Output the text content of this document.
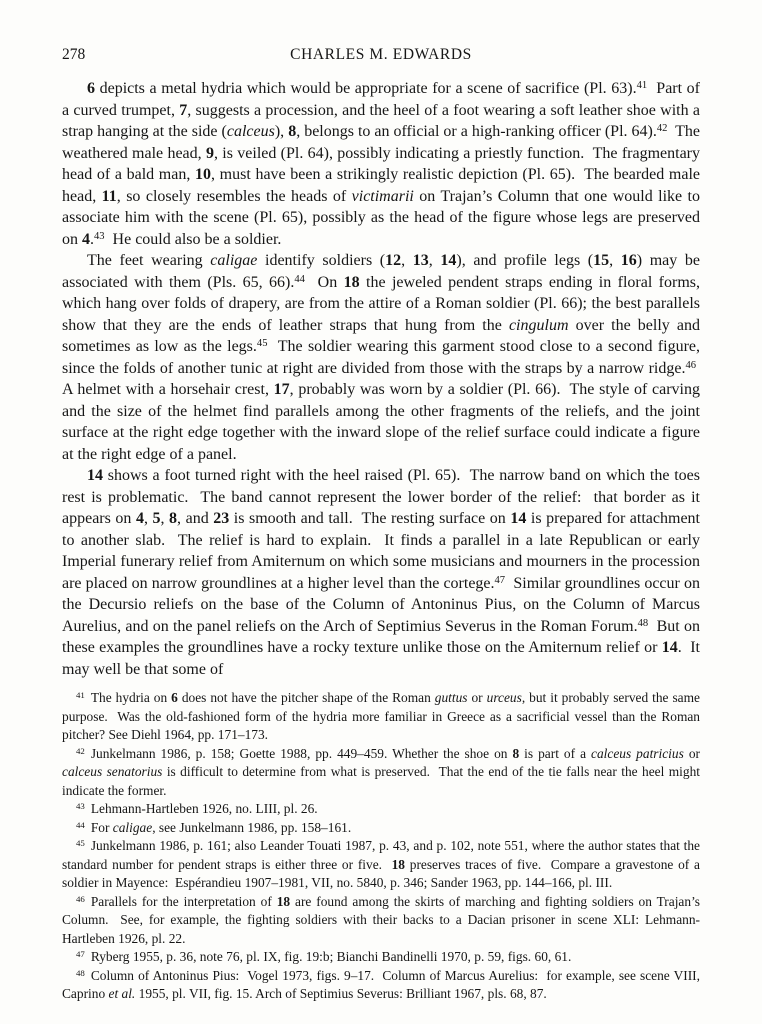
278	CHARLES M. EDWARDS

6 depicts a metal hydria which would be appropriate for a scene of sacrifice (Pl. 63).$^{41}$  Part of a curved trumpet, 7, suggests a procession, and the heel of a foot wearing a soft leather shoe with a strap hanging at the side (calceus), 8, belongs to an official or a high-ranking officer (Pl. 64).$^{42}$  The weathered male head, 9, is veiled (Pl. 64), possibly indicating a priestly function.  The fragmentary head of a bald man, 10, must have been a strikingly realistic depiction (Pl. 65).  The bearded male head, 11, so closely resembles the heads of victimarii on Trajan’s Column that one would like to associate him with the scene (Pl. 65), possibly as the head of the figure whose legs are preserved on 4.43  He could also be a soldier.

The feet wearing caligae identify soldiers (12, 13, 14), and profile legs (15, 16) may be associated with them (Pls. 65, 66).$^{44}$  On 18 the jeweled pendent straps ending in floral forms, which hang over folds of drapery, are from the attire of a Roman soldier (Pl. 66); the best parallels show that they are the ends of leather straps that hung from the cingulum over the belly and sometimes as low as the legs.$^{45}$  The soldier wearing this garment stood close to a second figure, since the folds of another tunic at right are divided from those with the straps by a narrow ridge.$^{46}$  A helmet with a horsehair crest, 17, probably was worn by a soldier (Pl. 66).  The style of carving and the size of the helmet find parallels among the other fragments of the reliefs, and the joint surface at the right edge together with the inward slope of the relief surface could indicate a figure at the right edge of a panel.

14 shows a foot turned right with the heel raised (Pl. 65).  The narrow band on which the toes rest is problematic.  The band cannot represent the lower border of the relief:  that border as it appears on 4, 5, 8, and 23 is smooth and tall.  The resting surface on 14 is prepared for attachment to another slab.  The relief is hard to explain.  It finds a parallel in a late Republican or early Imperial funerary relief from Amiternum on which some musicians and mourners in the procession are placed on narrow groundlines at a higher level than the cortege.$^{47}$  Similar groundlines occur on the Decursio reliefs on the base of the Column of Antoninus Pius, on the Column of Marcus Aurelius, and on the panel reliefs on the Arch of Septimius Severus in the Roman Forum.$^{48}$  But on these examples the groundlines have a rocky texture unlike those on the Amiternum relief or 14.  It may well be that some of

$^{41}$ The hydria on 6 does not have the pitcher shape of the Roman guttus or urceus, but it probably served the same purpose.  Was the old-fashioned form of the hydria more familiar in Greece as a sacrificial vessel than the Roman pitcher? See Diehl 1964, pp. 171–173.

$^{42}$ Junkelmann 1986, p. 158; Goette 1988, pp. 449–459. Whether the shoe on 8 is part of a calceus patricius or calceus senatorius is difficult to determine from what is preserved.  That the end of the tie falls near the heel might indicate the former.

$^{43}$ Lehmann-Hartleben 1926, no. LIII, pl. 26.

$^{44}$ For caligae, see Junkelmann 1986, pp. 158–161.

$^{45}$ Junkelmann 1986, p. 161; also Leander Touati 1987, p. 43, and p. 102, note 551, where the author states that the standard number for pendent straps is either three or five.  18 preserves traces of five.  Compare a gravestone of a soldier in Mayence:  Espérandieu 1907–1981, VII, no. 5840, p. 346; Sander 1963, pp. 144–166, pl. III.

$^{46}$ Parallels for the interpretation of 18 are found among the skirts of marching and fighting soldiers on Trajan’s Column.  See, for example, the fighting soldiers with their backs to a Dacian prisoner in scene XLI: Lehmann-Hartleben 1926, pl. 22.

$^{47}$ Ryberg 1955, p. 36, note 76, pl. IX, fig. 19:b; Bianchi Bandinelli 1970, p. 59, figs. 60, 61.

$^{48}$ Column of Antoninus Pius:  Vogel 1973, figs. 9–17.  Column of Marcus Aurelius:  for example, see scene VIII, Caprino et al. 1955, pl. VII, fig. 15. Arch of Septimius Severus: Brilliant 1967, pls. 68, 87.
